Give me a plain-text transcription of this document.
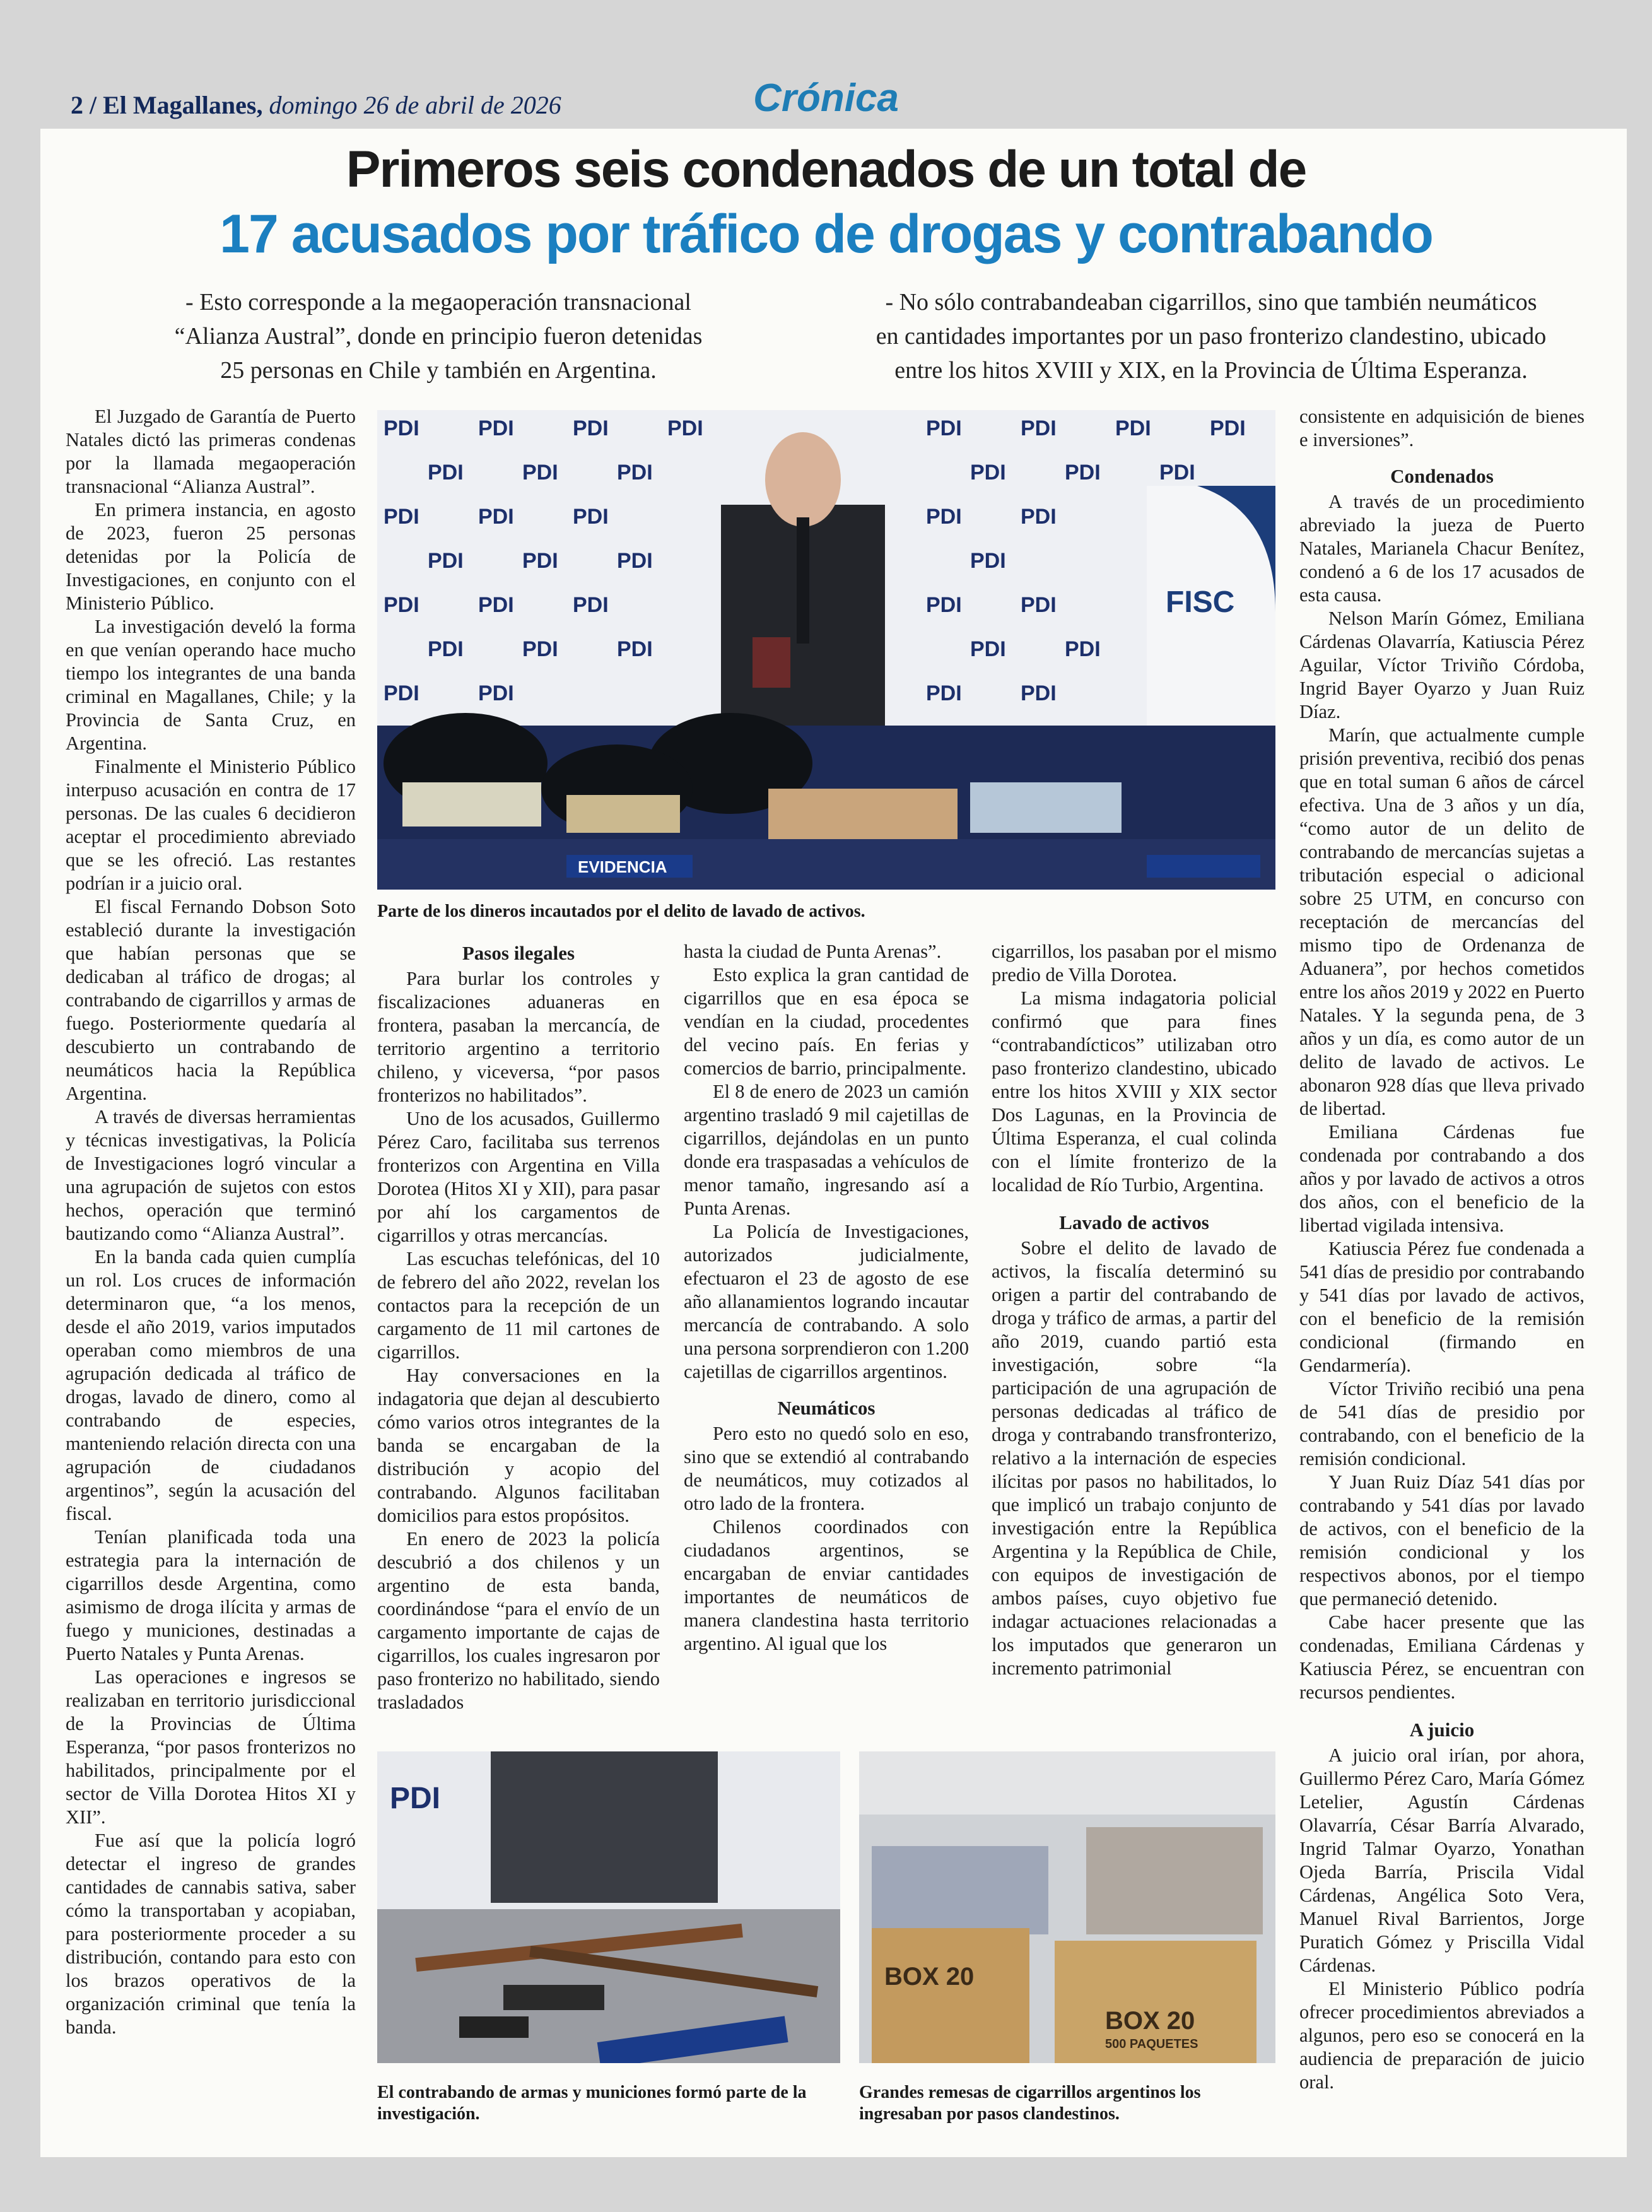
2 / El Magallanes, domingo 26 de abril de 2026	Crónica
Primeros seis condenados de un total de
17 acusados por tráfico de drogas y contrabando
- Esto corresponde a la megaoperación transnacional
“Alianza Austral”, donde en principio fueron detenidas
25 personas en Chile y también en Argentina.
- No sólo contrabandeaban cigarrillos, sino que también neumáticos
en cantidades importantes por un paso fronterizo clandestino, ubicado
entre los hitos XVIII y XIX, en la Provincia de Última Esperanza.
PDI	PDI	PDI	PDI	PDI	PDI	PDI	PDI
PDI	PDI	PDI	PDI	PDI	PDI
PDI	PDI	PDI	PDI	PDI
PDI	PDI	PDI	PDI
PDI	PDI	PDI	PDI	PDI
PDI	PDI	PDI	PDI	PDI
PDI	PDI	PDI	PDI
FISC
EVIDENCIA
Parte de los dineros incautados por el delito de lavado de activos.
PDI
El contrabando de armas y municiones formó parte de la investigación.
BOX 20
BOX 20
500 PAQUETES
Grandes remesas de cigarrillos argentinos los ingresaban por pasos clandestinos.

El Juzgado de Garantía de Puerto Natales dictó las primeras condenas por la llamada megaoperación transnacional “Alianza Austral”.

En primera instancia, en agosto de 2023, fueron 25 personas detenidas por la Policía de Investigaciones, en conjunto con el Ministerio Público.

La investigación develó la forma en que venían operando hace mucho tiempo los integrantes de una banda criminal en Magallanes, Chile; y la Provincia de Santa Cruz, en Argentina.

Finalmente el Ministerio Público interpuso acusación en contra de 17 personas. De las cuales 6 decidieron aceptar el procedimiento abreviado que se les ofreció. Las restantes podrían ir a juicio oral.

El fiscal Fernando Dobson Soto estableció durante la investigación que habían personas que se dedicaban al tráfico de drogas; al contrabando de cigarrillos y armas de fuego. Posteriormente quedaría al descubierto un contrabando de neumáticos hacia la República Argentina.

A través de diversas herramientas y técnicas investigativas, la Policía de Investigaciones logró vincular a una agrupación de sujetos con estos hechos, operación que terminó bautizando como “Alianza Austral”.

En la banda cada quien cumplía un rol. Los cruces de información determinaron que, “a los menos, desde el año 2019, varios imputados operaban como miembros de una agrupación dedicada al tráfico de drogas, lavado de dinero, como al contrabando de especies, manteniendo relación directa con una agrupación de ciudadanos argentinos”, según la acusación del fiscal.

Tenían planificada toda una estrategia para la internación de cigarrillos desde Argentina, como asimismo de droga ilícita y armas de fuego y municiones, destinadas a Puerto Natales y Punta Arenas.

Las operaciones e ingresos se realizaban en territorio jurisdiccional de la Provincias de Última Esperanza, “por pasos fronterizos no habilitados, principalmente por el sector de Villa Dorotea Hitos XI y XII”.

Fue así que la policía logró detectar el ingreso de grandes cantidades de cannabis sativa, saber cómo la transportaban y acopiaban, para posteriormente proceder a su distribución, contando para esto con los brazos operativos de la organización criminal que tenía la banda.

Pasos ilegales

Para burlar los controles y fiscalizaciones aduaneras en frontera, pasaban la mercancía, de territorio argentino a territorio chileno, y viceversa, “por pasos fronterizos no habilitados”.

Uno de los acusados, Guillermo Pérez Caro, facilitaba sus terrenos fronterizos con Argentina en Villa Dorotea (Hitos XI y XII), para pasar por ahí los cargamentos de cigarrillos y otras mercancías.

Las escuchas telefónicas, del 10 de febrero del año 2022, revelan los contactos para la recepción de un cargamento de 11 mil cartones de cigarrillos.

Hay conversaciones en la indagatoria que dejan al descubierto cómo varios otros integrantes de la banda se encargaban de la distribución y acopio del contrabando. Algunos facilitaban domicilios para estos propósitos.

En enero de 2023 la policía descubrió a dos chilenos y un argentino de esta banda, coordinándose “para el envío de un cargamento importante de cajas de cigarrillos, los cuales ingresaron por paso fronterizo no habilitado, siendo trasladados

hasta la ciudad de Punta Arenas”.

Esto explica la gran cantidad de cigarrillos que en esa época se vendían en la ciudad, procedentes del vecino país. En ferias y comercios de barrio, principalmente.

El 8 de enero de 2023 un camión argentino trasladó 9 mil cajetillas de cigarrillos, dejándolas en un punto donde era traspasadas a vehículos de menor tamaño, ingresando así a Punta Arenas.

La Policía de Investigaciones, autorizados judicialmente, efectuaron el 23 de agosto de ese año allanamientos logrando incautar mercancía de contrabando. A solo una persona sorprendieron con 1.200 cajetillas de cigarrillos argentinos.

Neumáticos

Pero esto no quedó solo en eso, sino que se extendió al contrabando de neumáticos, muy cotizados al otro lado de la frontera.

Chilenos coordinados con ciudadanos argentinos, se encargaban de enviar cantidades importantes de neumáticos de manera clandestina hasta territorio argentino. Al igual que los

cigarrillos, los pasaban por el mismo predio de Villa Dorotea.

La misma indagatoria policial confirmó que para fines “contrabandícticos” utilizaban otro paso fronterizo clandestino, ubicado entre los hitos XVIII y XIX sector Dos Lagunas, en la Provincia de Última Esperanza, el cual colinda con el límite fronterizo de la localidad de Río Turbio, Argentina.

Lavado de activos

Sobre el delito de lavado de activos, la fiscalía determinó su origen a partir del contrabando de droga y tráfico de armas, a partir del año 2019, cuando partió esta investigación, sobre “la participación de una agrupación de personas dedicadas al tráfico de droga y contrabando transfronterizo, relativo a la internación de especies ilícitas por pasos no habilitados, lo que implicó un trabajo conjunto de investigación entre la República Argentina y la República de Chile, con equipos de investigación de ambos países, cuyo objetivo fue indagar actuaciones relacionadas a los imputados que generaron un incremento patrimonial

consistente en adquisición de bienes e inversiones”.

Condenados

A través de un procedimiento abreviado la jueza de Puerto Natales, Marianela Chacur Benítez, condenó a 6 de los 17 acusados de esta causa.

Nelson Marín Gómez, Emiliana Cárdenas Olavarría, Katiuscia Pérez Aguilar, Víctor Triviño Córdoba, Ingrid Bayer Oyarzo y Juan Ruiz Díaz.

Marín, que actualmente cumple prisión preventiva, recibió dos penas que en total suman 6 años de cárcel efectiva. Una de 3 años y un día, “como autor de un delito de contrabando de mercancías sujetas a tributación especial o adicional sobre 25 UTM, en concurso con receptación de mercancías del mismo tipo de Ordenanza de Aduanera”, por hechos cometidos entre los años 2019 y 2022 en Puerto Natales. Y la segunda pena, de 3 años y un día, es como autor de un delito de lavado de activos. Le abonaron 928 días que lleva privado de libertad.

Emiliana Cárdenas fue condenada por contrabando a dos años y por lavado de activos a otros dos años, con el beneficio de la libertad vigilada intensiva.

Katiuscia Pérez fue condenada a 541 días de presidio por contrabando y 541 días por lavado de activos, con el beneficio de la remisión condicional (firmando en Gendarmería).

Víctor Triviño recibió una pena de 541 días de presidio por contrabando, con el beneficio de la remisión condicional.

Y Juan Ruiz Díaz 541 días por contrabando y 541 días por lavado de activos, con el beneficio de la remisión condicional y los respectivos abonos, por el tiempo que permaneció detenido.

Cabe hacer presente que las condenadas, Emiliana Cárdenas y Katiuscia Pérez, se encuentran con recursos pendientes.

A juicio

A juicio oral irían, por ahora, Guillermo Pérez Caro, María Gómez Letelier, Agustín Cárdenas Olavarría, César Barría Alvarado, Ingrid Talmar Oyarzo, Yonathan Ojeda Barría, Priscila Vidal Cárdenas, Angélica Soto Vera, Manuel Rival Barrientos, Jorge Puratich Gómez y Priscilla Vidal Cárdenas.

El Ministerio Público podría ofrecer procedimientos abreviados a algunos, pero eso se conocerá en la audiencia de preparación de juicio oral.
